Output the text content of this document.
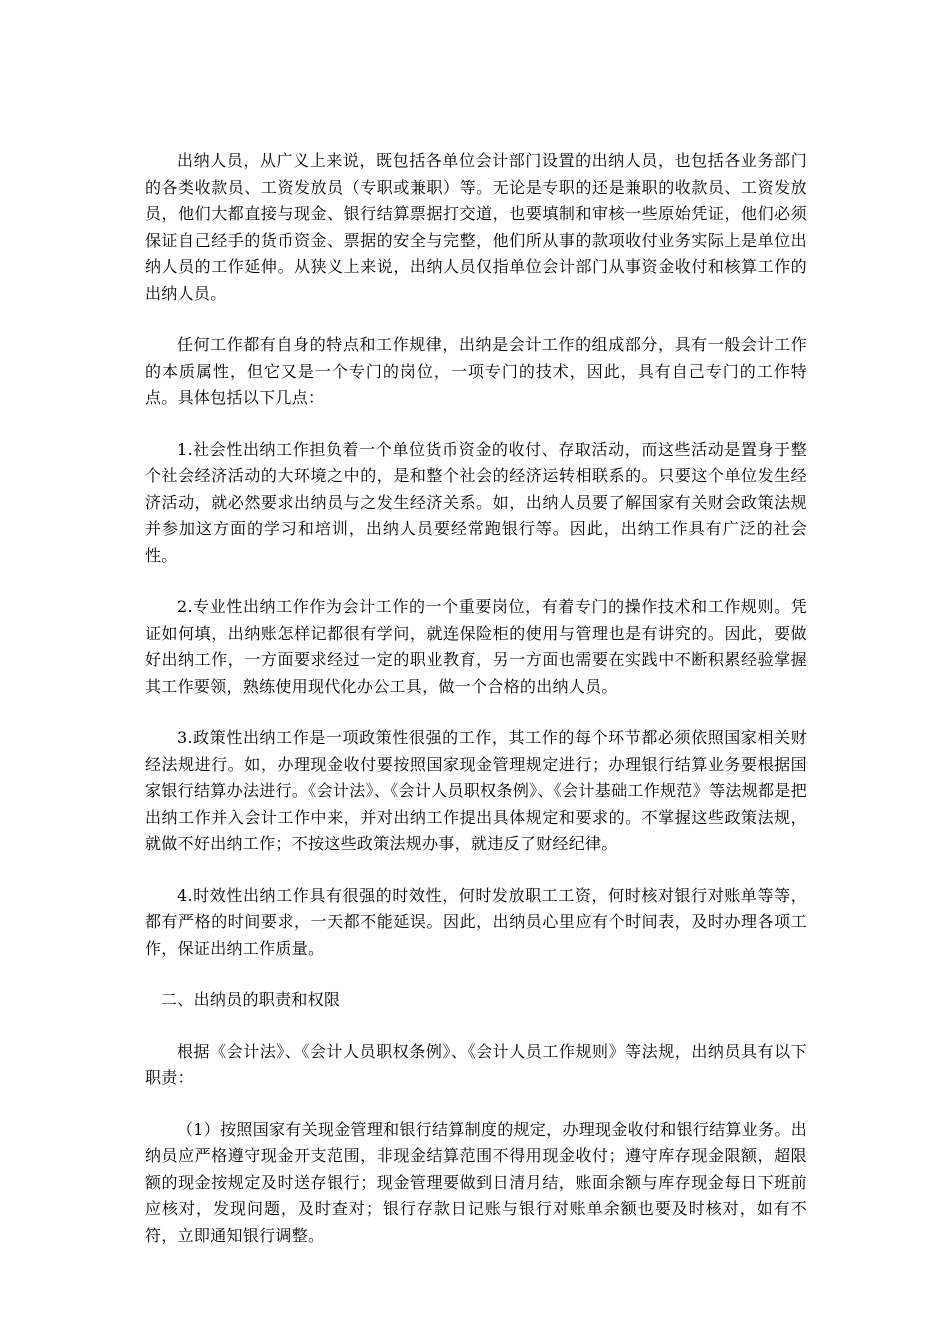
出纳人员，从广义上来说，既包括各单位会计部门设置的出纳人员，也包括各业务部门的各类收款员、工资发放员（专职或兼职）等。无论是专职的还是兼职的收款员、工资发放员，他们大都直接与现金、银行结算票据打交道，也要填制和审核一些原始凭证，他们必须保证自己经手的货币资金、票据的安全与完整，他们所从事的款项收付业务实际上是单位出纳人员的工作延伸。从狭义上来说，出纳人员仅指单位会计部门从事资金收付和核算工作的出纳人员。

任何工作都有自身的特点和工作规律，出纳是会计工作的组成部分，具有一般会计工作的本质属性，但它又是一个专门的岗位，一项专门的技术，因此，具有自己专门的工作特点。具体包括以下几点：

1.社会性出纳工作担负着一个单位货币资金的收付、存取活动，而这些活动是置身于整个社会经济活动的大环境之中的，是和整个社会的经济运转相联系的。只要这个单位发生经济活动，就必然要求出纳员与之发生经济关系。如，出纳人员要了解国家有关财会政策法规并参加这方面的学习和培训，出纳人员要经常跑银行等。因此，出纳工作具有广泛的社会性。

2.专业性出纳工作作为会计工作的一个重要岗位，有着专门的操作技术和工作规则。凭证如何填，出纳账怎样记都很有学问，就连保险柜的使用与管理也是有讲究的。因此，要做好出纳工作，一方面要求经过一定的职业教育，另一方面也需要在实践中不断积累经验掌握其工作要领，熟练使用现代化办公工具，做一个合格的出纳人员。

3.政策性出纳工作是一项政策性很强的工作，其工作的每个环节都必须依照国家相关财经法规进行。如，办理现金收付要按照国家现金管理规定进行；办理银行结算业务要根据国家银行结算办法进行。《会计法》、《会计人员职权条例》、《会计基础工作规范》等法规都是把出纳工作并入会计工作中来，并对出纳工作提出具体规定和要求的。不掌握这些政策法规，就做不好出纳工作；不按这些政策法规办事，就违反了财经纪律。

4.时效性出纳工作具有很强的时效性，何时发放职工工资，何时核对银行对账单等等，都有严格的时间要求，一天都不能延误。因此，出纳员心里应有个时间表，及时办理各项工作，保证出纳工作质量。

二、出纳员的职责和权限

根据《会计法》、《会计人员职权条例》、《会计人员工作规则》等法规，出纳员具有以下职责：

（1）按照国家有关现金管理和银行结算制度的规定，办理现金收付和银行结算业务。出纳员应严格遵守现金开支范围，非现金结算范围不得用现金收付；遵守库存现金限额，超限额的现金按规定及时送存银行；现金管理要做到日清月结，账面余额与库存现金每日下班前应核对，发现问题，及时查对；银行存款日记账与银行对账单余额也要及时核对，如有不符，立即通知银行调整。
